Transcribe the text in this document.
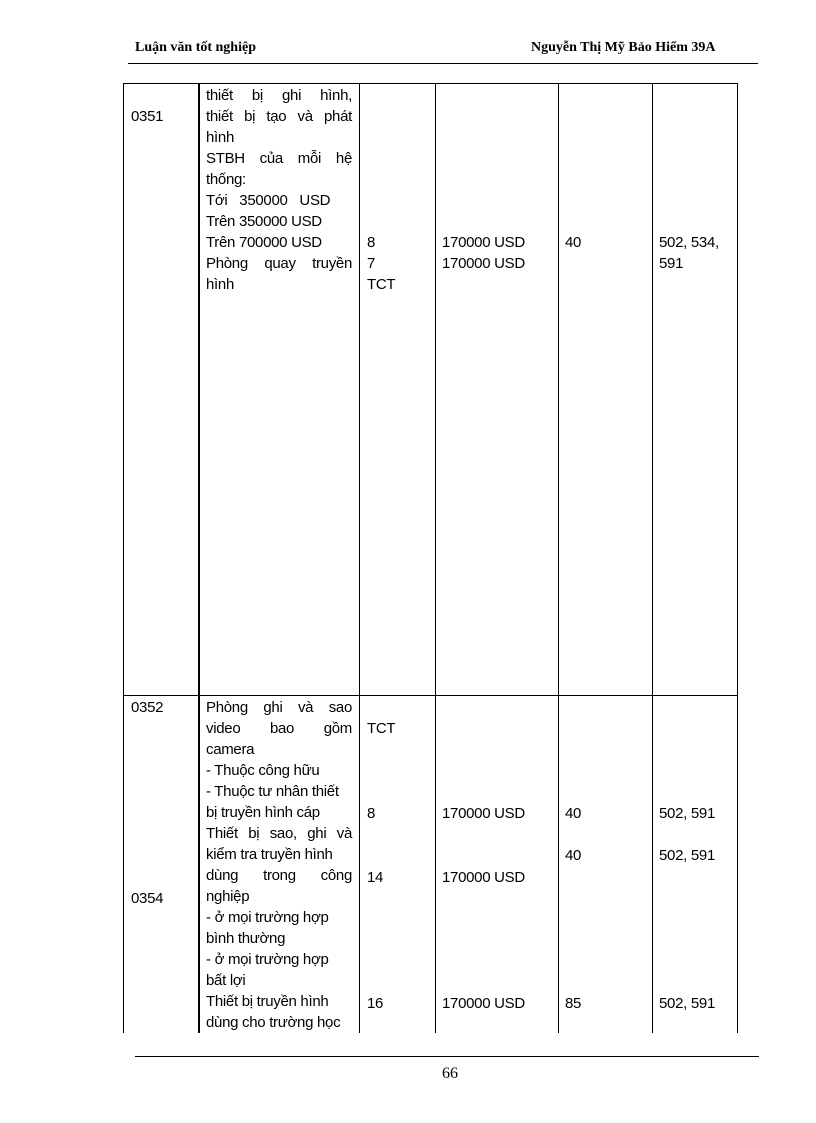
Luận văn tốt nghiệp	Nguyễn Thị Mỹ Bảo Hiểm 39A
0351
thiết bị ghi hình,
thiết bị tạo và phát
hình
STBH của mỗi hệ
thống:
Tới 350000 USD
Trên 350000 USD
Trên 700000 USD
Phòng quay truyền
hình
8
7
TCT
170000 USD
170000 USD
40	502, 534,
591
0352
0354
Phòng ghi và sao
video bao gồm
camera
- Thuộc công hữu
- Thuộc tư nhân thiết
bị truyền hình cáp
Thiết bị sao, ghi và
kiểm tra truyền hình
dùng trong công
nghiệp
- ở mọi trường hợp
bình thường
- ở mọi trường hợp
bất lợi
Thiết bị truyền hình
dùng cho trường học
TCT
8
14
16
170000 USD
170000 USD
170000 USD
40
40
85
502, 591
502, 591
502, 591
66
